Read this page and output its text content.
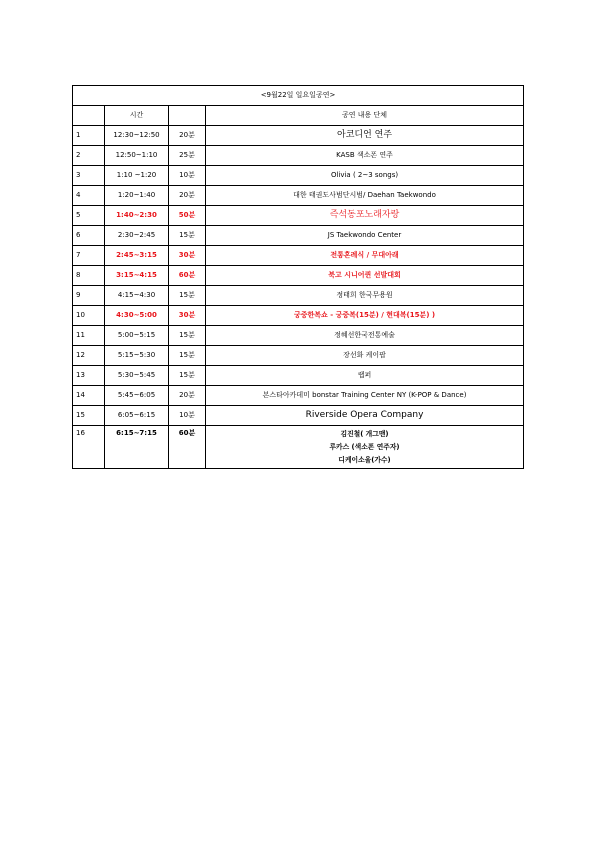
<9월22일 일요일공연>			
	시간		공연 내용 단체
1	12:30~12:50	20분	아코디언 연주

2	12:50~1:10	25분	KASB 색소폰 연주

3	1:10 ~1:20	10분	Olivia ( 2~3 songs)

4	1:20~1:40	20분	대한 태권도사범단시범/ Daehan Taekwondo

5	1:40~2:30	50분	즉석동포노래자랑

6	2:30~2:45	15분	JS Taekwondo Center

7	2:45~3:15	30분	전통혼례식 / 무대아래

8	3:15~4:15	60분	북고 시니어퀸 선발대회

9	4:15~4:30	15분	정태희 한국무용원

10	4:30~5:00	30분	궁중한복쇼 - 궁중복(15분) / 현대복(15분) )

11	5:00~5:15	15분	정혜선한국전통예술

12	5:15~5:30	15분	장선화 케이팝

13	5:30~5:45	15분	랩퍼

14	5:45~6:05	20분	본스타아카데미 bonstar Training Center NY (K-POP & Dance)

15	6:05~6:15	10분	Riverside Opera Company

16	6:15~7:15	60분	김진철( 개그맨)
루카스 (색소폰 연주자)
디케이소울(가수)
